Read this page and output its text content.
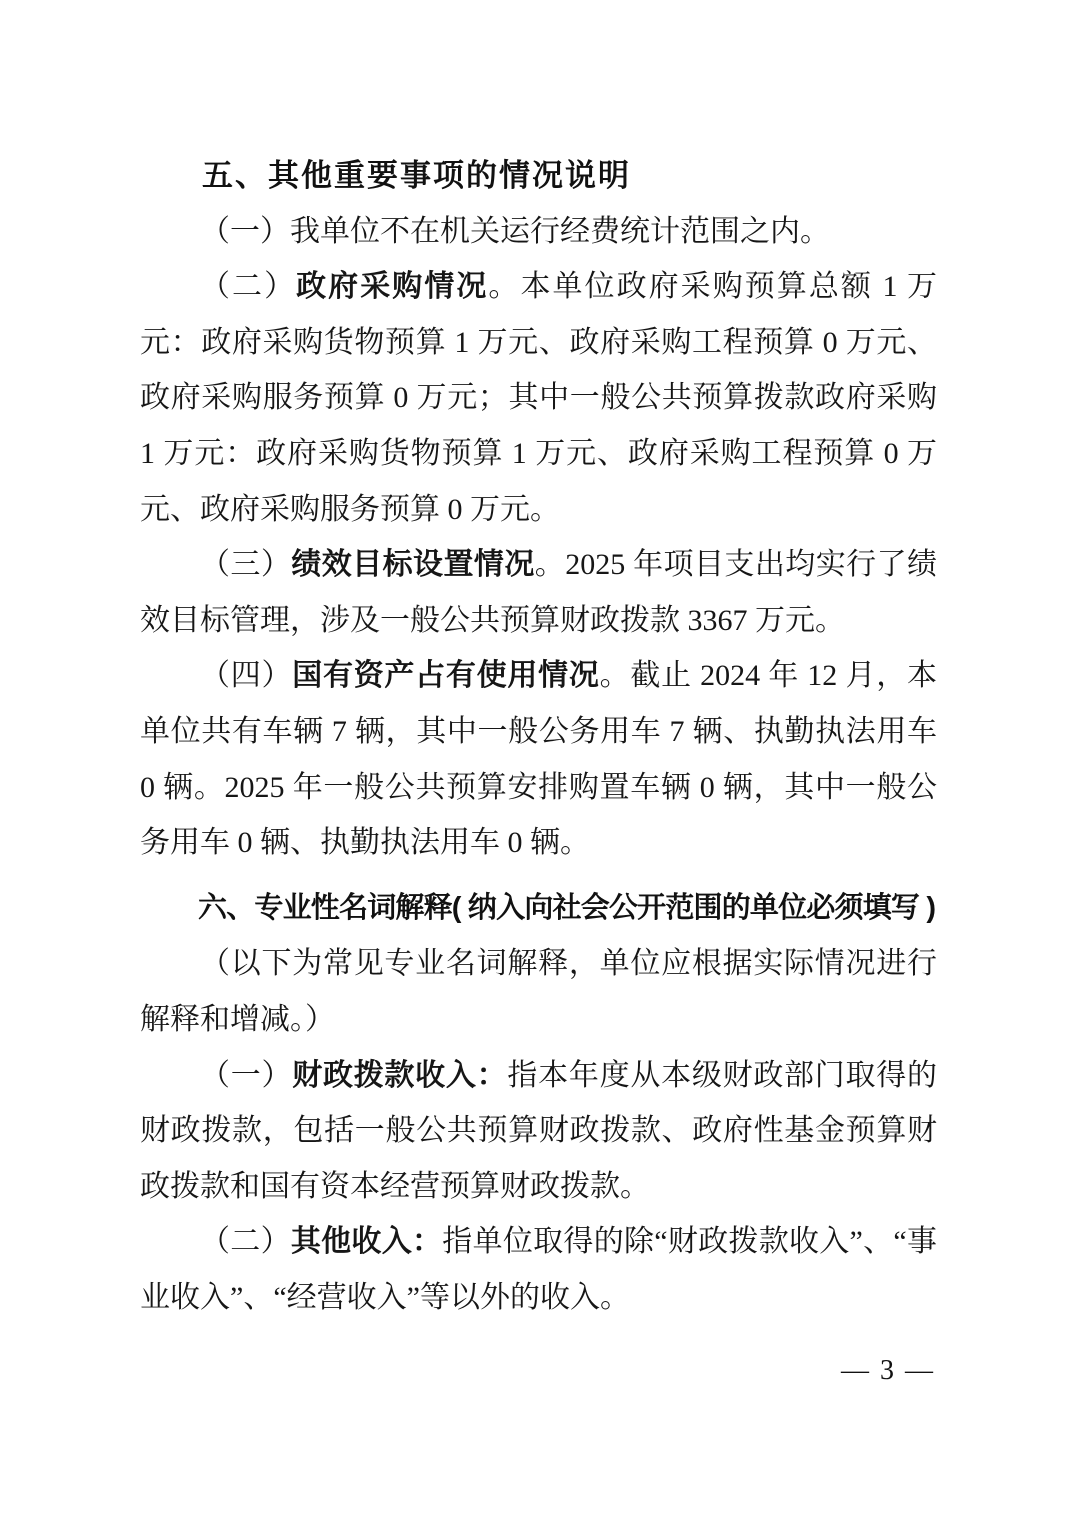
五、其他重要事项的情况说明

（一）我单位不在机关运行经费统计范围之内。

（二）政府采购情况。本单位政府采购预算总额 1 万元：政府采购货物预算 1 万元、政府采购工程预算 0 万元、政府采购服务预算 0 万元；其中一般公共预算拨款政府采购 1 万元：政府采购货物预算 1 万元、政府采购工程预算 0 万元、政府采购服务预算 0 万元。

（三）绩效目标设置情况。2025 年项目支出均实行了绩效目标管理，涉及一般公共预算财政拨款 3367 万元。

（四）国有资产占有使用情况。截止 2024 年 12 月，本单位共有车辆 7 辆，其中一般公务用车 7 辆、执勤执法用车 0 辆。2025 年一般公共预算安排购置车辆 0 辆，其中一般公务用车 0 辆、执勤执法用车 0 辆。

六、专业性名词解释( 纳入向社会公开范围的单位必须填写 )

（以下为常见专业名词解释，单位应根据实际情况进行解释和增减。）

（一）财政拨款收入：指本年度从本级财政部门取得的财政拨款，包括一般公共预算财政拨款、政府性基金预算财政拨款和国有资本经营预算财政拨款。

（二）其他收入：指单位取得的除“财政拨款收入”、“事业收入”、“经营收入”等以外的收入。

— 3 —
